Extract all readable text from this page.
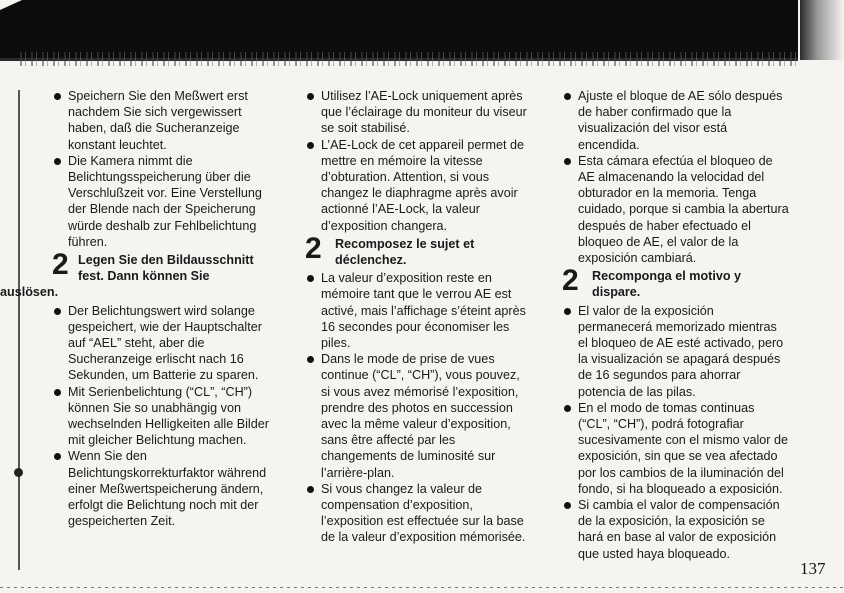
Speichern Sie den Meßwert erst nachdem Sie sich vergewissert haben, daß die Sucheranzeige konstant leuchtet.
Die Kamera nimmt die Belichtungsspeicherung über die Verschlußzeit vor. Eine Verstellung der Blende nach der Speicherung würde deshalb zur Fehlbelichtung führen.
2 Legen Sie den Bildausschnitt fest. Dann können Sie
auslösen.
Der Belichtungswert wird solange gespeichert, wie der Hauptschalter auf “AEL” steht, aber die Sucheranzeige erlischt nach 16 Sekunden, um Batterie zu sparen.
Mit Serienbelichtung (“CL”, “CH”) können Sie so unabhängig von wechselnden Helligkeiten alle Bilder mit gleicher Belichtung machen.
Wenn Sie den Belichtungskorrekturfaktor während einer Meßwertspeicherung ändern, erfolgt die Belichtung noch mit der gespeicherten Zeit.
Utilisez l’AE-Lock uniquement après que l’éclairage du moniteur du viseur se soit stabilisé.
L’AE-Lock de cet appareil permet de mettre en mémoire la vitesse d’obturation. Attention, si vous changez le diaphragme après avoir actionné l’AE-Lock, la valeur d’exposition changera.
2	Recomposez le sujet et déclenchez.
La valeur d’exposition reste en mémoire tant que le verrou AE est activé, mais l’affichage s’éteint après 16 secondes pour économiser les piles.
Dans le mode de prise de vues continue (“CL”, “CH”), vous pouvez, si vous avez mémorisé l’exposition, prendre des photos en succession avec la même valeur d’exposition, sans être affecté par les changements de luminosité sur l’arrière-plan.
Si vous changez la valeur de compensation d’exposition, l’exposition est effectuée sur la base de la valeur d’exposition mémorisée.
Ajuste el bloque de AE sólo después de haber confirmado que la visualización del visor está encendida.
Esta cámara efectúa el bloqueo de AE almacenando la velocidad del obturador en la memoria. Tenga cuidado, porque si cambia la abertura después de haber efectuado el bloqueo de AE, el valor de la exposición cambiará.
2	Recomponga el motivo y dispare.
El valor de la exposición permanecerá memorizado mientras el bloqueo de AE esté activado, pero la visualización se apagará después de 16 segundos para ahorrar potencia de las pilas.
En el modo de tomas continuas (“CL”, “CH”), podrá fotografiar sucesivamente con el mismo valor de exposición, sin que se vea afectado por los cambios de la iluminación del fondo, si ha bloqueado a exposición.
Si cambia el valor de compensación de la exposición, la exposición se hará en base al valor de exposición que usted haya bloqueado.
137
